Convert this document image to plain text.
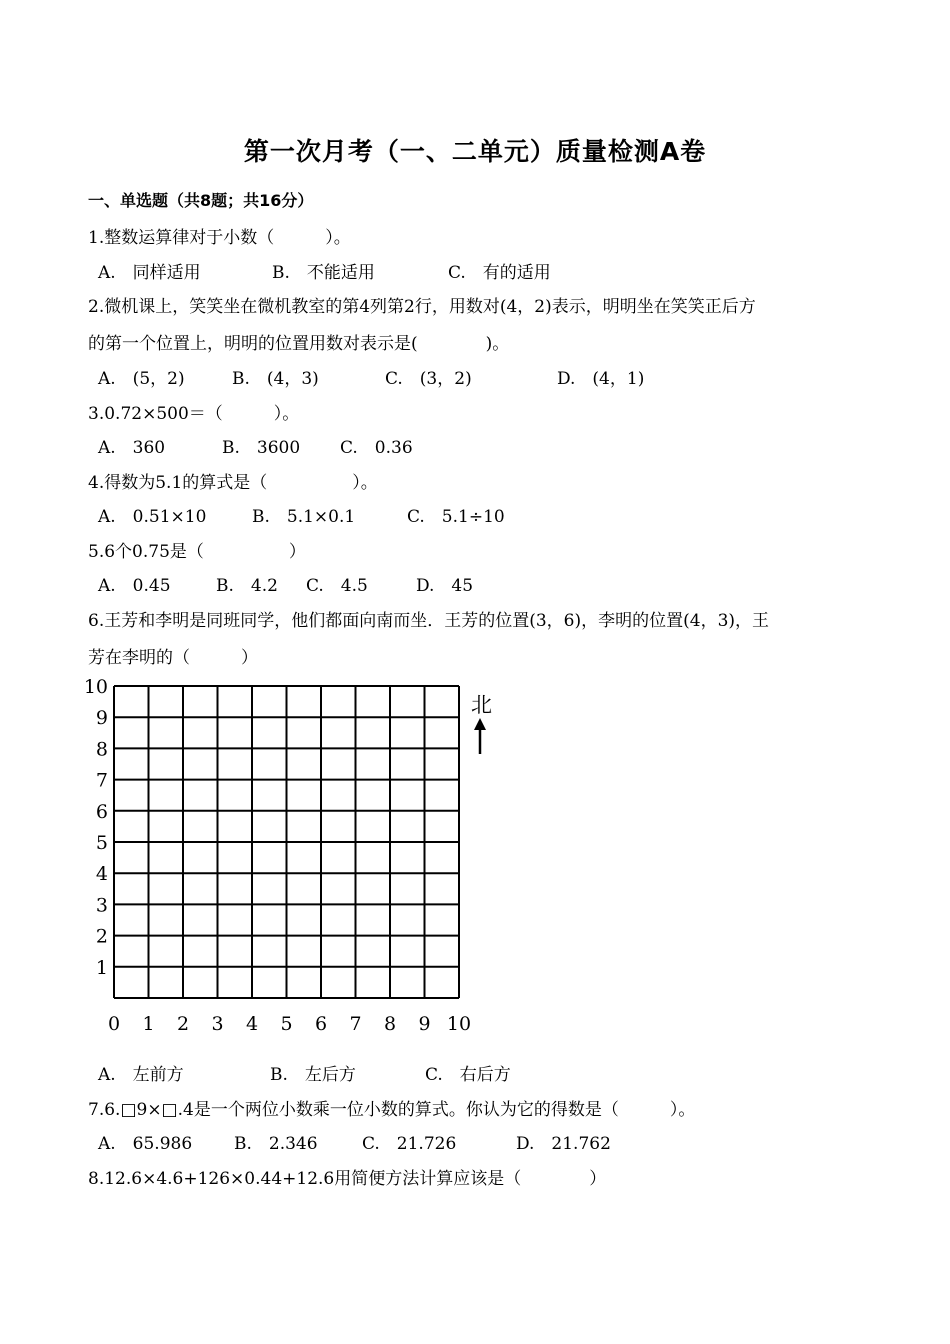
第一次月考（一、二单元）质量检测A卷
一、单选题（共8题；共16分）
1.整数运算律对于小数（　　　）。
A.　同样适用	B.　不能适用	C.　有的适用
2.微机课上，笑笑坐在微机教室的第4列第2行，用数对(4，2)表示，明明坐在笑笑正后方
的第一个位置上，明明的位置用数对表示是(　　　　)。
A.　(5，2)	B.　(4，3)	C.　(3，2)	D.　(4，1)
3.0.72×500＝（　　　）。
A.　360	B.　3600 C.　0.36
4.得数为5.1的算式是（　　　　　）。
A.　0.51×10	B.　5.1×0.1	C.　5.1÷10
5.6个0.75是（　　　　　）
A.　0.45	B.　4.2 C.　4.5	D.　45
6.王芳和李明是同班同学，他们都面向南而坐．王芳的位置(3，6)，李明的位置(4，3)，王
芳在李明的（　　　）
0 1 2 3 4 5 6 7 8 9 10
1
2
3
4
5
6
7
8
9
10
北
A.　左前方	B.　左后方	C.　右后方
7.6.□9×□.4是一个两位小数乘一位小数的算式。你认为它的得数是（　　　）。
A.　65.986 B.　2.346	C.　21.726	D.　21.762
8.12.6×4.6+126×0.44+12.6用简便方法计算应该是（　　　　）
